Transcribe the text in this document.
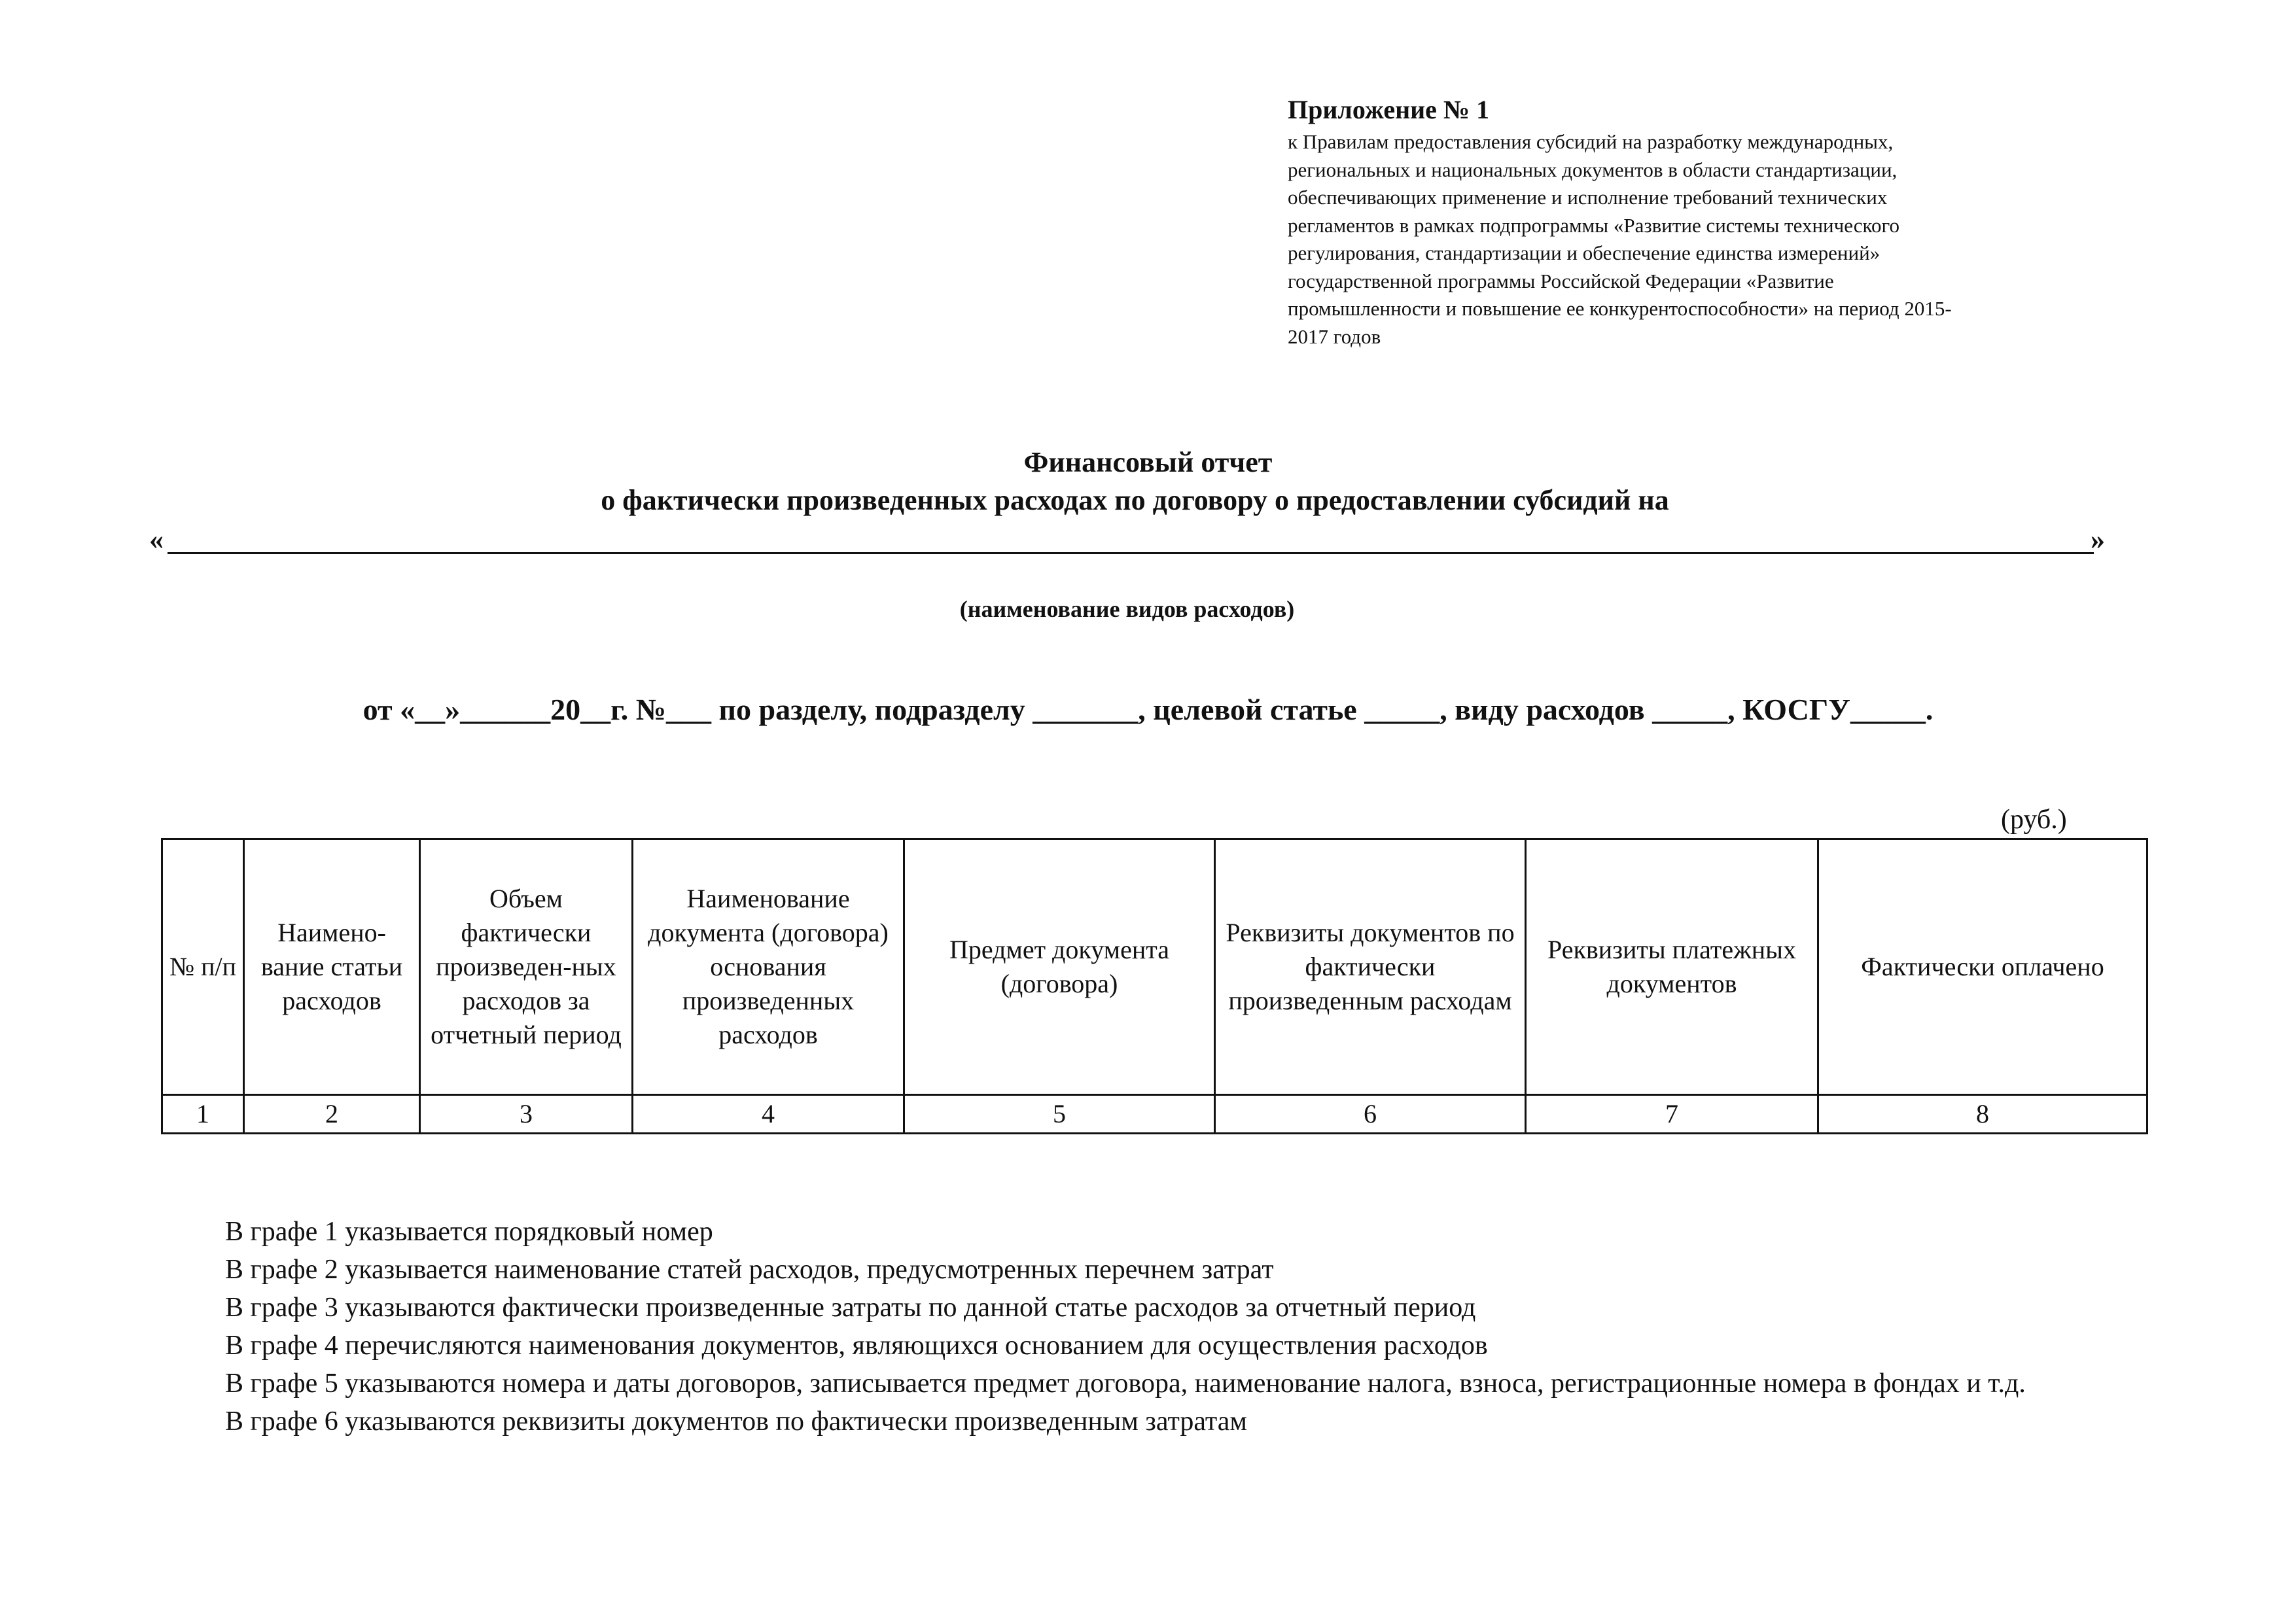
Приложение № 1

к Правилам предоставления субсидий на разработку международных,

региональных и национальных документов в области стандартизации,

обеспечивающих применение и исполнение требований технических

регламентов в рамках подпрограммы «Развитие системы технического

регулирования, стандартизации и обеспечение единства измерений»

государственной программы Российской Федерации «Развитие

промышленности и повышение ее конкурентоспособности» на период 2015-

2017 годов

Финансовый отчет
о фактически произведенных расходах по договору о предоставлении субсидий на
«	»
(наименование видов расходов)
от «__»______20__г. №___ по разделу, подразделу _______, целевой статье _____, виду расходов _____, КОСГУ_____.
(руб.)
№ п/п	Наимено-вание статьи расходов	Объем фактически произведен-ных расходов за отчетный период	Наименование документа (договора) основания произведенных расходов	Предмет документа (договора)	Реквизиты документов по фактически произведенным расходам	Реквизиты платежных документов	Фактически оплачено
1	2	3	4	5	6	7	8

В графе 1 указывается порядковый номер

В графе 2 указывается наименование статей расходов, предусмотренных перечнем затрат

В графе 3 указываются фактически произведенные затраты по данной статье расходов за отчетный период

В графе 4 перечисляются наименования документов, являющихся основанием для осуществления расходов

В графе 5 указываются номера и даты договоров, записывается предмет договора, наименование налога, взноса, регистрационные номера в фондах и т.д.

В графе 6 указываются реквизиты документов по фактически произведенным затратам
